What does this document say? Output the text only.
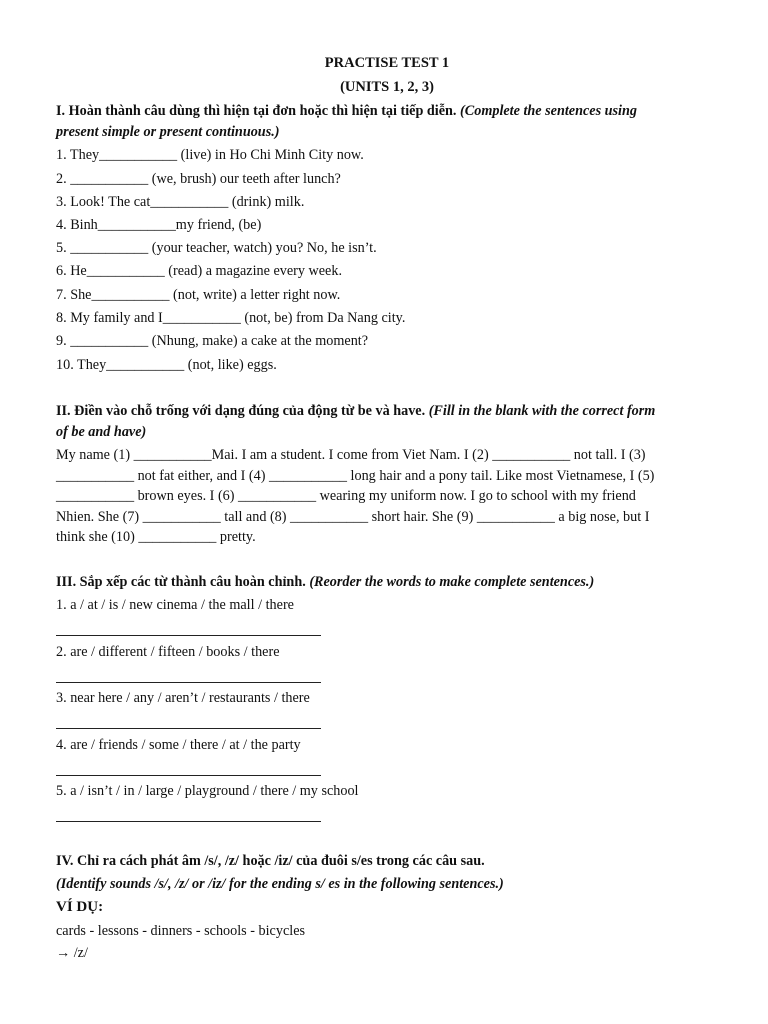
PRACTISE TEST 1
(UNITS 1, 2, 3)
I. Hoàn thành câu dùng thì hiện tại đơn hoặc thì hiện tại tiếp diễn. (Complete the sentences using
present simple or present continuous.)
1. They___________ (live) in Ho Chi Minh City now.
2. ___________ (we, brush) our teeth after lunch?
3. Look! The cat___________ (drink) milk.
4. Binh___________my friend, (be)
5. ___________ (your teacher, watch) you? No, he isn’t.
6. He___________ (read) a magazine every week.
7. She___________ (not, write) a letter right now.
8. My family and I___________ (not, be) from Da Nang city.
9. ___________ (Nhung, make) a cake at the moment?
10. They___________ (not, like) eggs.
II. Điền vào chỗ trống với dạng đúng của động từ be và have. (Fill in the blank with the correct form
of be and have)
My name (1) ___________Mai. I am a student. I come from Viet Nam. I (2) ___________ not tall. I (3)
___________ not fat either, and I (4) ___________ long hair and a pony tail. Like most Vietnamese, I (5)
___________ brown eyes. I (6) ___________ wearing my uniform now. I go to school with my friend
Nhien. She (7) ___________ tall and (8) ___________ short hair. She (9) ___________ a big nose, but I
think she (10) ___________ pretty.
III. Sắp xếp các từ thành câu hoàn chỉnh. (Reorder the words to make complete sentences.)
1. a / at / is / new cinema / the mall / there
2. are / different / fifteen / books / there
3. near here / any / aren’t / restaurants / there
4. are / friends / some / there / at / the party
5. a / isn’t / in / large / playground / there / my school
IV. Chỉ ra cách phát âm /s/, /z/ hoặc /iz/ của đuôi s/es trong các câu sau.
(Identify sounds /s/, /z/ or /iz/ for the ending s/ es in the following sentences.)
VÍ DỤ:
cards - lessons - dinners - schools - bicycles
→ /z/
